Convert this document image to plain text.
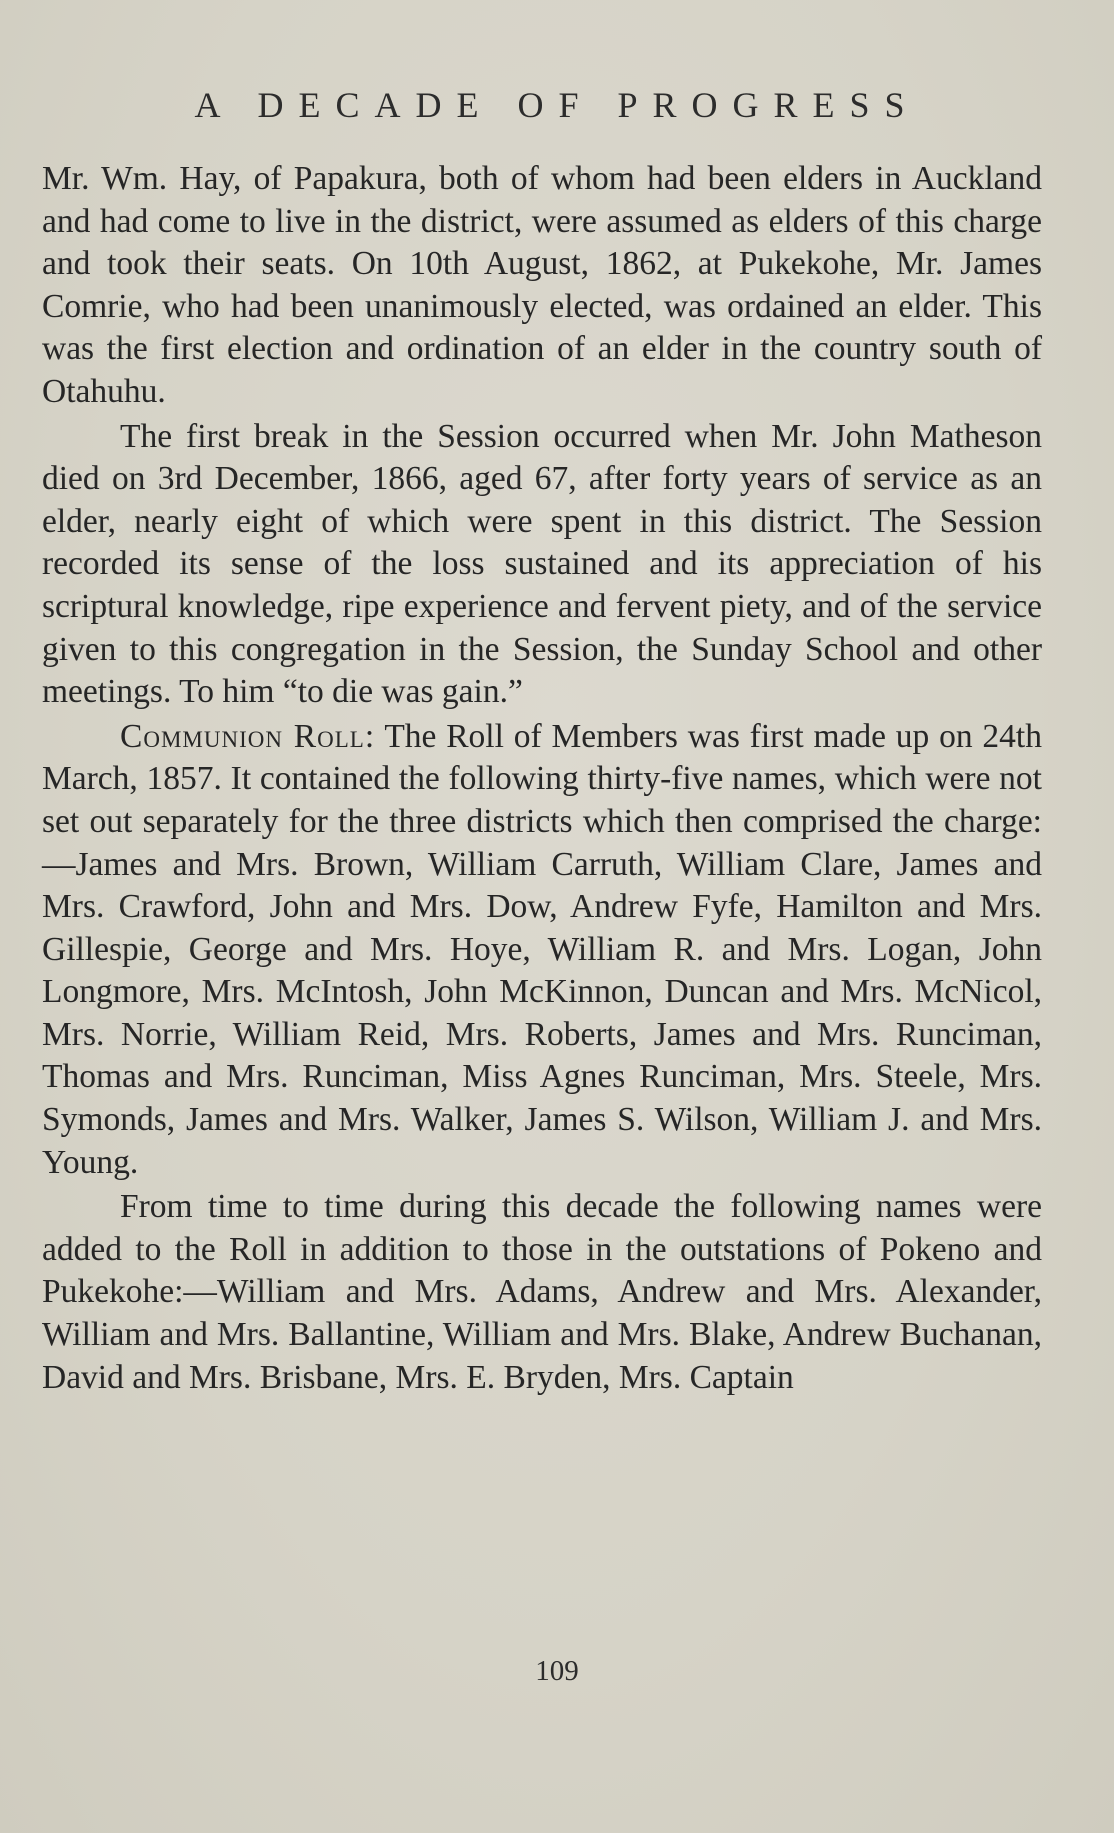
A DECADE OF PROGRESS

Mr. Wm. Hay, of Papakura, both of whom had been elders in Auckland and had come to live in the district, were assumed as elders of this charge and took their seats. On 10th August, 1862, at Pukekohe, Mr. James Comrie, who had been unanimously elected, was ordained an elder. This was the first election and ordination of an elder in the country south of Otahuhu.

The first break in the Session occurred when Mr. John Matheson died on 3rd December, 1866, aged 67, after forty years of service as an elder, nearly eight of which were spent in this district. The Session recorded its sense of the loss sustained and its appreciation of his scriptural knowledge, ripe experience and fervent piety, and of the service given to this congregation in the Session, the Sunday School and other meetings. To him “to die was gain.”

Communion Roll: The Roll of Members was first made up on 24th March, 1857. It contained the following thirty-five names, which were not set out separately for the three districts which then comprised the charge:—James and Mrs. Brown, William Carruth, William Clare, James and Mrs. Crawford, John and Mrs. Dow, Andrew Fyfe, Hamilton and Mrs. Gillespie, George and Mrs. Hoye, William R. and Mrs. Logan, John Longmore, Mrs. McIntosh, John McKinnon, Duncan and Mrs. McNicol, Mrs. Norrie, William Reid, Mrs. Roberts, James and Mrs. Runciman, Thomas and Mrs. Runciman, Miss Agnes Runciman, Mrs. Steele, Mrs. Symonds, James and Mrs. Walker, James S. Wilson, William J. and Mrs. Young.

From time to time during this decade the following names were added to the Roll in addition to those in the outstations of Pokeno and Pukekohe:—William and Mrs. Adams, Andrew and Mrs. Alexander, William and Mrs. Ballantine, William and Mrs. Blake, Andrew Buchanan, David and Mrs. Brisbane, Mrs. E. Bryden, Mrs. Captain

109
